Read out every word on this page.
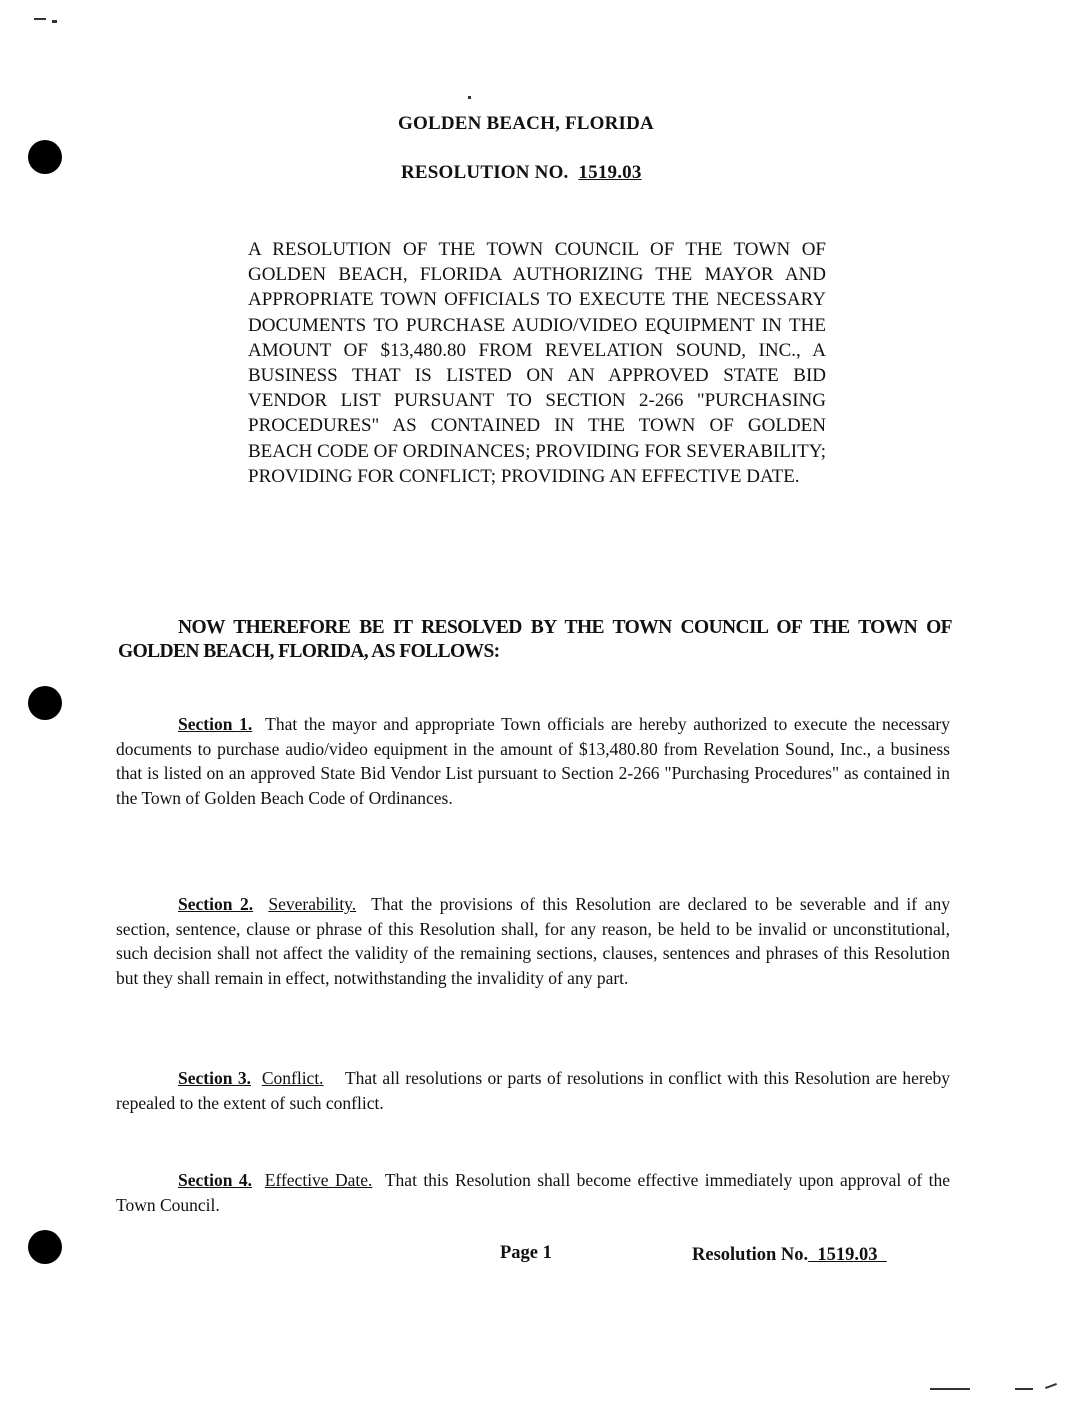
GOLDEN BEACH, FLORIDA
RESOLUTION NO. 1519.03
A RESOLUTION OF THE TOWN COUNCIL OF THE TOWN OF GOLDEN BEACH, FLORIDA AUTHORIZING THE MAYOR AND APPROPRIATE TOWN OFFICIALS TO EXECUTE THE NECESSARY DOCUMENTS TO PURCHASE AUDIO/VIDEO EQUIPMENT IN THE AMOUNT OF $13,480.80 FROM REVELATION SOUND, INC., A BUSINESS THAT IS LISTED ON AN APPROVED STATE BID VENDOR LIST PURSUANT TO SECTION 2-266 "PURCHASING PROCEDURES" AS CONTAINED IN THE TOWN OF GOLDEN BEACH CODE OF ORDINANCES; PROVIDING FOR SEVERABILITY; PROVIDING FOR CONFLICT; PROVIDING AN EFFECTIVE DATE.
NOW THEREFORE BE IT RESOLVED BY THE TOWN COUNCIL OF THE TOWN OF GOLDEN BEACH, FLORIDA, AS FOLLOWS:
Section 1. That the mayor and appropriate Town officials are hereby authorized to execute the necessary documents to purchase audio/video equipment in the amount of $13,480.80 from Revelation Sound, Inc., a business that is listed on an approved State Bid Vendor List pursuant to Section 2-266 "Purchasing Procedures" as contained in the Town of Golden Beach Code of Ordinances.
Section 2. Severability. That the provisions of this Resolution are declared to be severable and if any section, sentence, clause or phrase of this Resolution shall, for any reason, be held to be invalid or unconstitutional, such decision shall not affect the validity of the remaining sections, clauses, sentences and phrases of this Resolution but they shall remain in effect, notwithstanding the invalidity of any part.
Section 3. Conflict. That all resolutions or parts of resolutions in conflict with this Resolution are hereby repealed to the extent of such conflict.
Section 4. Effective Date. That this Resolution shall become effective immediately upon approval of the Town Council.
Page 1	Resolution No. 1519.03
